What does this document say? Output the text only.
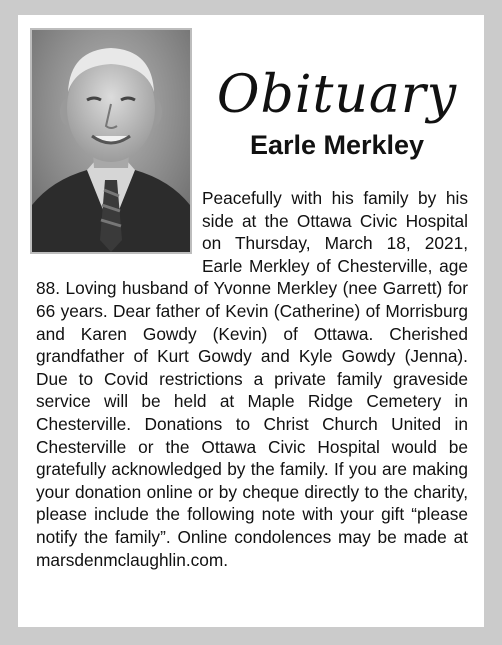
Obituary
Earle Merkley
Peacefully with his family by his side at the Ottawa Civic Hospital on Thursday, March 18, 2021, Earle Merkley of Chesterville, age 88. Loving husband of Yvonne Merkley (nee Garrett) for 66 years. Dear father of Kevin (Catherine) of Morrisburg and Karen Gowdy (Kevin) of Ottawa. Cherished grandfather of Kurt Gowdy and Kyle Gowdy (Jenna). Due to Covid restrictions a private family graveside service will be held at Maple Ridge Cemetery in Chesterville. Donations to Christ Church United in Chesterville or the Ottawa Civic Hospital would be gratefully acknowledged by the family. If you are making your donation online or by cheque directly to the charity, please include the following note with your gift “please notify the family”. Online condolences may be made at marsdenmclaughlin.com.
